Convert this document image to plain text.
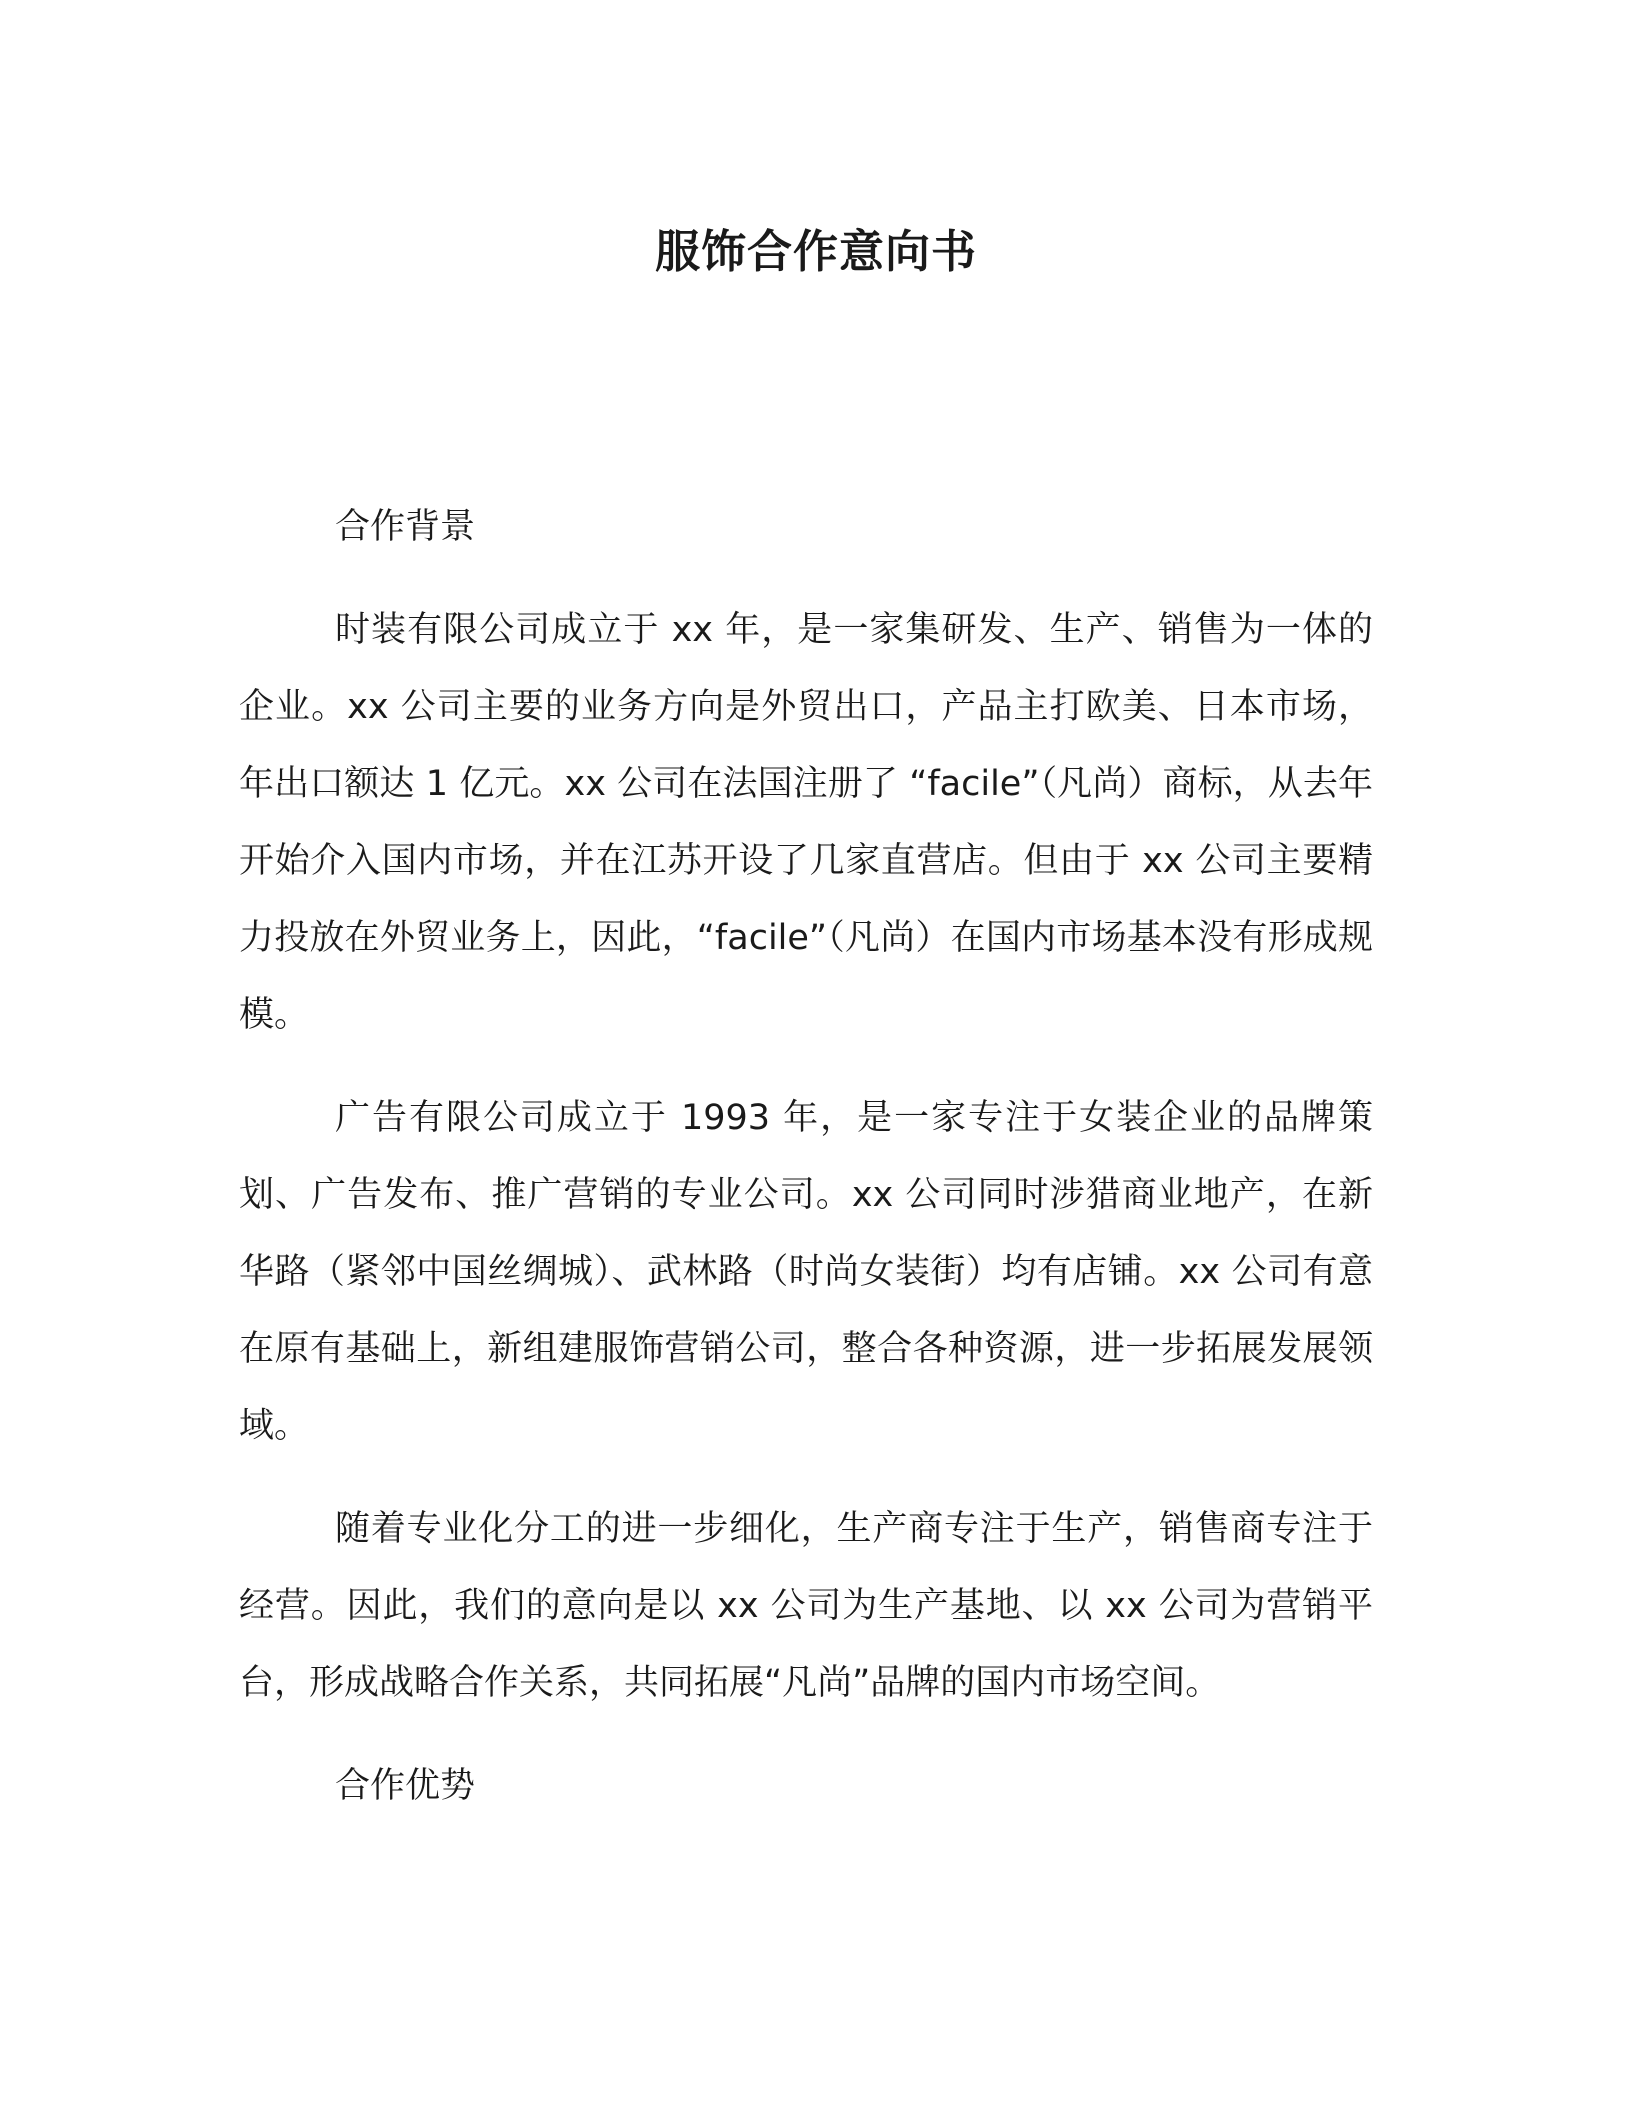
服饰合作意向书
合作背景

时装有限公司成立于 xx 年，是一家集研发、生产、销售为一体的企业。xx 公司主要的业务方向是外贸出口，产品主打欧美、日本市场，年出口额达 1 亿元。xx 公司在法国注册了 “facile”（凡尚）商标，从去年开始介入国内市场，并在江苏开设了几家直营店。但由于 xx 公司主要精力投放在外贸业务上，因此，“facile”（凡尚）在国内市场基本没有形成规模。

广告有限公司成立于 1993 年，是一家专注于女装企业的品牌策划、广告发布、推广营销的专业公司。xx 公司同时涉猎商业地产，在新华路（紧邻中国丝绸城）、武林路（时尚女装街）均有店铺。xx 公司有意在原有基础上，新组建服饰营销公司，整合各种资源，进一步拓展发展领域。

随着专业化分工的进一步细化，生产商专注于生产，销售商专注于经营。因此，我们的意向是以 xx 公司为生产基地、以 xx 公司为营销平台，形成战略合作关系，共同拓展“凡尚”品牌的国内市场空间。

合作优势
